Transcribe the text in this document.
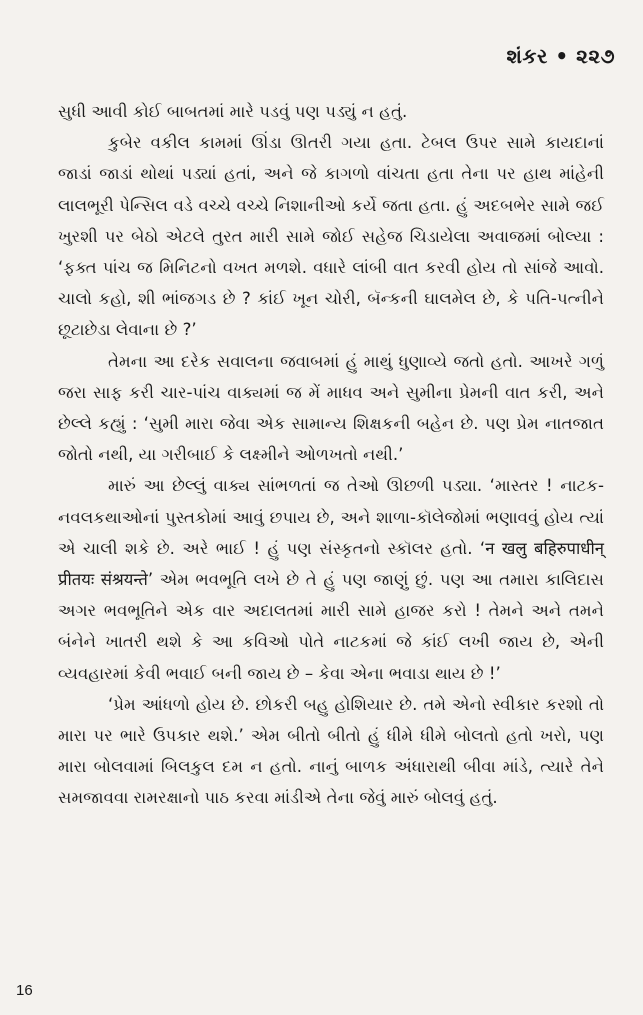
શંકર • ૨૨૭

સુધી આવી કોઈ બાબતમાં મારે પડવું પણ પડ્યું ન હતું.

કુબેર વકીલ કામમાં ઊંડા ઊતરી ગયા હતા. ટેબલ ઉપર સામે કાયદાનાં જાડાં જાડાં થોથાં પડ્યાં હતાં, અને જે કાગળો વાંચતા હતા તેના પર હાથ માંહેની લાલભૂરી પેન્સિલ વડે વચ્ચે વચ્ચે નિશાનીઓ કર્યે જતા હતા. હું અદબભેર સામે જઈ ખુરશી પર બેઠો એટલે તુરત મારી સામે જોઈ સહેજ ચિડાયેલા અવાજમાં બોલ્યા : ‘ફક્ત પાંચ જ મિનિટનો વખત મળશે. વધારે લાંબી વાત કરવી હોય તો સાંજે આવો. ચાલો કહો, શી ભાંજગડ છે ? કાંઈ ખૂન ચોરી, બૅન્કની ઘાલમેલ છે, કે પતિ-પત્નીને છૂટાછેડા લેવાના છે ?’

તેમના આ દરેક સવાલના જવાબમાં હું માથું ધુણાવ્યે જતો હતો. આખરે ગળું જરા સાફ કરી ચાર-પાંચ વાક્યમાં જ મેં માધવ અને સુમીના પ્રેમની વાત કરી, અને છેલ્લે કહ્યું : ‘સુમી મારા જેવા એક સામાન્ય શિક્ષકની બહેન છે. પણ પ્રેમ નાતજાત જોતો નથી, યા ગરીબાઈ કે લક્ષ્મીને ઓળખતો નથી.’

મારું આ છેલ્લું વાક્ય સાંભળતાં જ તેઓ ઊછળી પડ્યા. ‘માસ્તર ! નાટક-નવલકથાઓનાં પુસ્તકોમાં આવું છપાય છે, અને શાળા-કૉલેજોમાં ભણાવવું હોય ત્યાં એ ચાલી શકે છે. અરે ભાઈ ! હું પણ સંસ્કૃતનો સ્કૉલર હતો. ‘न खलु बहिरुपाधीन् प्रीतयः संश्रयन्ते’ એમ ભવભૂતિ લખે છે તે હું પણ જાણું છું. પણ આ તમારા કાલિદાસ અગર ભવભૂતિને એક વાર અદાલતમાં મારી સામે હાજર કરો ! તેમને અને તમને બંનેને ખાતરી થશે કે આ કવિઓ પોતે નાટકમાં જે કાંઈ લખી જાય છે, એની વ્યવહારમાં કેવી ભવાઈ બની જાય છે – કેવા એના ભવાડા થાય છે !’

‘પ્રેમ આંધળો હોય છે. છોકરી બહુ હોશિયાર છે. તમે એનો સ્વીકાર કરશો તો મારા પર ભારે ઉપકાર થશે.’ એમ બીતો બીતો હું ધીમે ધીમે બોલતો હતો ખરો, પણ મારા બોલવામાં બિલકુલ દમ ન હતો. નાનું બાળક અંધારાથી બીવા માંડે, ત્યારે તેને સમજાવવા રામરક્ષાનો પાઠ કરવા માંડીએ તેના જેવું મારું બોલવું હતું.

16
